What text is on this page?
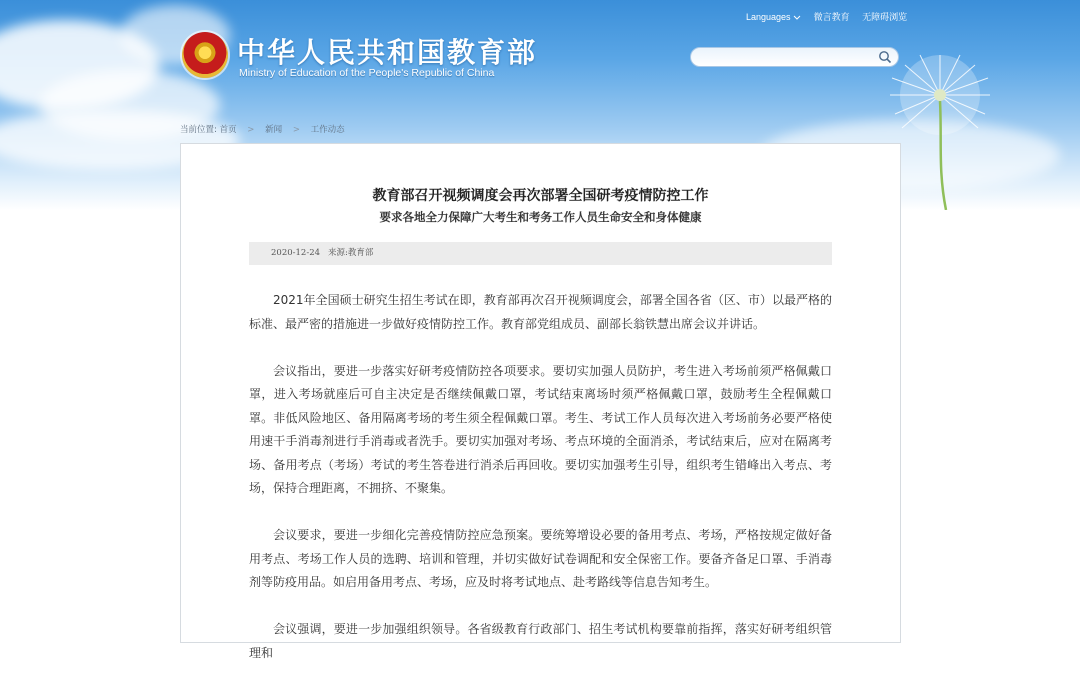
中华人民共和国教育部
Ministry of Education of the People's Republic of China
Languages	微言教育 无障碍浏览
当前位置: 首页 > 新闻 > 工作动态
教育部召开视频调度会再次部署全国研考疫情防控工作
要求各地全力保障广大考生和考务工作人员生命安全和身体健康
2020-12-24 来源:教育部

2021年全国硕士研究生招生考试在即，教育部再次召开视频调度会，部署全国各省（区、市）以最严格的标准、最严密的措施进一步做好疫情防控工作。教育部党组成员、副部长翁铁慧出席会议并讲话。

会议指出，要进一步落实好研考疫情防控各项要求。要切实加强人员防护，考生进入考场前须严格佩戴口罩，进入考场就座后可自主决定是否继续佩戴口罩，考试结束离场时须严格佩戴口罩，鼓励考生全程佩戴口罩。非低风险地区、备用隔离考场的考生须全程佩戴口罩。考生、考试工作人员每次进入考场前务必要严格使用速干手消毒剂进行手消毒或者洗手。要切实加强对考场、考点环境的全面消杀，考试结束后，应对在隔离考场、备用考点（考场）考试的考生答卷进行消杀后再回收。要切实加强考生引导，组织考生错峰出入考点、考场，保持合理距离，不拥挤、不聚集。

会议要求，要进一步细化完善疫情防控应急预案。要统筹增设必要的备用考点、考场，严格按规定做好备用考点、考场工作人员的选聘、培训和管理，并切实做好试卷调配和安全保密工作。要备齐备足口罩、手消毒剂等防疫用品。如启用备用考点、考场，应及时将考试地点、赴考路线等信息告知考生。

会议强调，要进一步加强组织领导。各省级教育行政部门、招生考试机构要靠前指挥，落实好研考组织管理和
